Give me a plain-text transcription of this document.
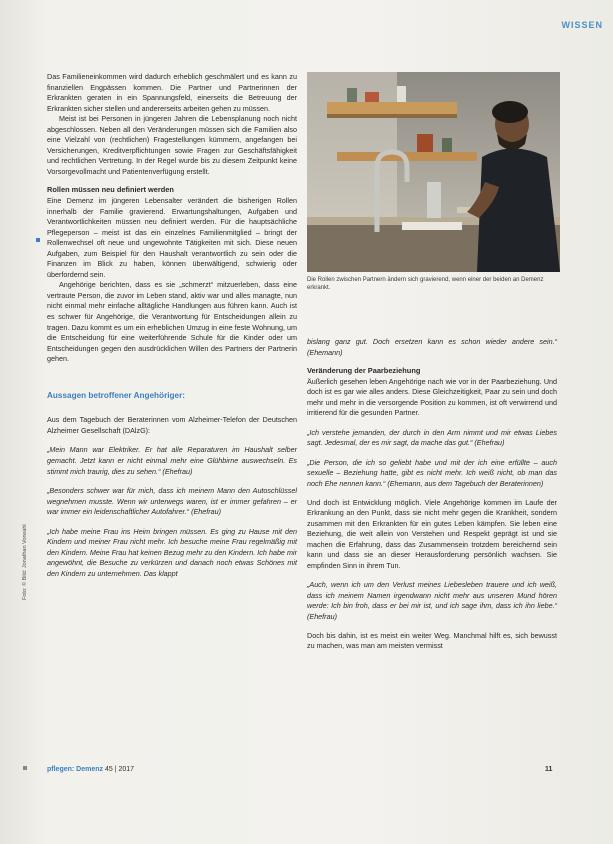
WISSEN

Das Familieneinkommen wird dadurch erheblich geschmälert und es kann zu finanziellen Engpässen kommen. Die Partner und Partnerinnen der Erkrankten geraten in ein Spannungsfeld, einerseits die Betreuung der Erkrankten sicher stellen und andererseits arbeiten gehen zu müssen.

Meist ist bei Personen in jüngeren Jahren die Lebensplanung noch nicht abgeschlossen. Neben all den Veränderungen müssen sich die Familien also eine Vielzahl von (rechtlichen) Fragestellungen kümmern, angefangen bei Versicherungen, Kreditverpflichtungen sowie Fragen zur Geschäftsfähigkeit und rechtlichen Vertretung. In der Regel wurde bis zu diesem Zeitpunkt keine Vorsorgevollmacht und Patientenverfügung erstellt.

Rollen müssen neu definiert werden

Eine Demenz im jüngeren Lebensalter verändert die bisherigen Rollen innerhalb der Familie gravierend. Erwartungshaltungen, Aufgaben und Verantwortlichkeiten müssen neu definiert werden. Für die hauptsächliche Pflegeperson – meist ist das ein einzelnes Familienmitglied – bringt der Rollenwechsel oft neue und ungewohnte Tätigkeiten mit sich. Diese neuen Aufgaben, zum Beispiel für den Haushalt verantwortlich zu sein oder die Finanzen im Blick zu haben, können überwältigend, schwierig oder überfordernd sein.

Angehörige berichten, dass es sie „schmerzt“ mitzuerleben, dass eine vertraute Person, die zuvor im Leben stand, aktiv war und alles managte, nun nicht einmal mehr einfache alltägliche Handlungen aus führen kann. Auch ist es schwer für Angehörige, die Verantwortung für Entscheidungen allein zu tragen. Dazu kommt es um ein erheblichen Umzug in eine feste Wohnung, um die Entscheidung für eine weiterführende Schule für die Kinder oder um Entscheidungen gegen den ausdrücklichen Willen des Partners der Partnerin gehen.

Aussagen betroffener Angehöriger:

Aus dem Tagebuch der Beraterinnen vom Alzheimer-Telefon der Deutschen Alzheimer Gesellschaft (DAlzG):

„Mein Mann war Elektriker. Er hat alle Reparaturen im Haushalt selber gemacht. Jetzt kann er nicht einmal mehr eine Glühbirne auswechseln. Es stimmt mich traurig, dies zu sehen.“ (Ehefrau)

„Besonders schwer war für mich, dass ich meinem Mann den Autoschlüssel wegnehmen musste. Wenn wir unterwegs waren, ist er immer gefahren – er war immer ein leidenschaftlicher Autofahrer.“ (Ehefrau)

„Ich habe meine Frau ins Heim bringen müssen. Es ging zu Hause mit den Kindern und meiner Frau nicht mehr. Ich besuche meine Frau regelmäßig mit den Kindern. Meine Frau hat keinen Bezug mehr zu den Kindern. Ich habe mir angewöhnt, die Besuche zu verkürzen und danach noch etwas Schönes mit den Kindern zu unternehmen. Das klappt

Die Rollen zwischen Partnern ändern sich gravierend, wenn einer der beiden an Demenz erkrankt.

bislang ganz gut. Doch ersetzen kann es schon wieder andere sein.“ (Ehemann)

Veränderung der Paarbeziehung

Äußerlich gesehen leben Angehörige nach wie vor in der Paarbeziehung. Und doch ist es gar wie alles anders. Diese Gleichzeitigkeit, Paar zu sein und doch mehr und mehr in die versorgende Position zu kommen, ist oft verwirrend und irritierend für die gesunden Partner.

„Ich verstehe jemanden, der durch in den Arm nimmt und mir etwas Liebes sagt. Jedesmal, der es mir sagt, da mache das gut.“ (Ehefrau)

„Die Person, die ich so geliebt habe und mit der ich eine erfüllte – auch sexuelle – Beziehung hatte, gibt es nicht mehr. Ich weiß nicht, ob man das noch Ehe nennen kann.“ (Ehemann, aus dem Tagebuch der Beraterinnen)

Und doch ist Entwicklung möglich. Viele Angehörige kommen im Laufe der Erkrankung an den Punkt, dass sie nicht mehr gegen die Krankheit, sondern zusammen mit den Erkrankten für ein gutes Leben kämpfen. Sie leben eine Beziehung, die weit allein von Verstehen und Respekt geprägt ist und sie machen die Erfahrung, dass das Zusammensein trotzdem bereichernd sein kann und dass sie an dieser Herausforderung persönlich wachsen. Sie empfinden Sinn in ihrem Tun.

„Auch, wenn ich um den Verlust meines Liebesleben trauere und ich weiß, dass ich meinem Namen irgendwann nicht mehr aus unseren Mund hören werde: Ich bin froh, dass er bei mir ist, und ich sage ihm, dass ich ihn liebe.“ (Ehefrau)

Doch bis dahin, ist es meist ein weiter Weg. Manchmal hilft es, sich bewusst zu machen, was man am meisten vermisst

Foto: © Bild: Jonathan Vorwahl
pflegen: Demenz 45 | 2017	11
